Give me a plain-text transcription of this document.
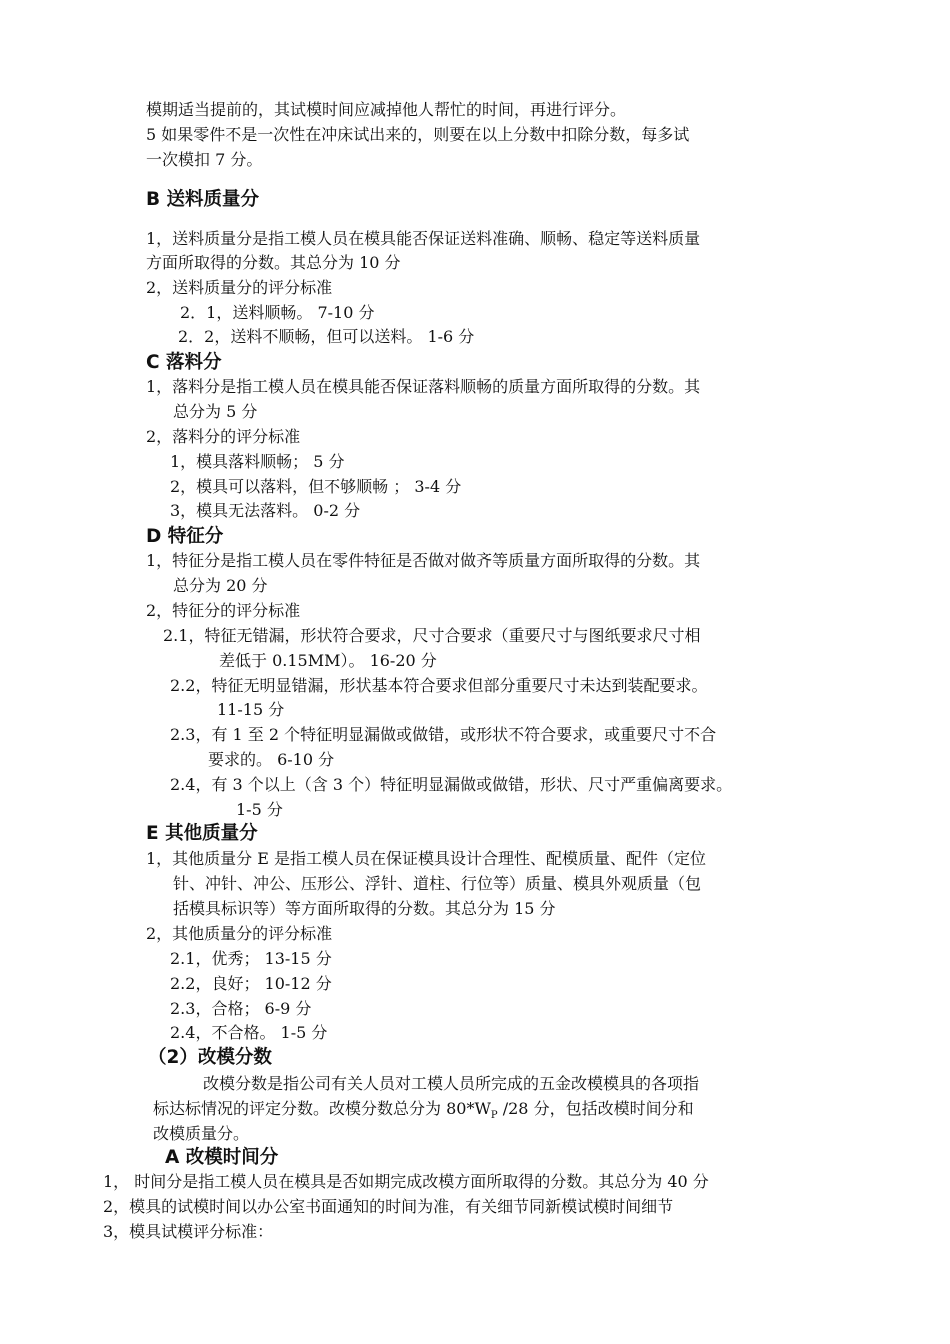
模期适当提前的，其试模时间应减掉他人帮忙的时间，再进行评分。
5 如果零件不是一次性在冲床试出来的，则要在以上分数中扣除分数，每多试
一次模扣 7 分。
B 送料质量分
1，送料质量分是指工模人员在模具能否保证送料准确、顺畅、稳定等送料质量
方面所取得的分数。其总分为 10 分
2，送料质量分的评分标准
2．1，送料顺畅。 7-10 分
2．2，送料不顺畅，但可以送料。 1-6 分
C 落料分
1，落料分是指工模人员在模具能否保证落料顺畅的质量方面所取得的分数。其
总分为 5 分
2，落料分的评分标准
1，模具落料顺畅； 5 分
2，模具可以落料，但不够顺畅 ； 3-4 分
3，模具无法落料。 0-2 分
D 特征分
1，特征分是指工模人员在零件特征是否做对做齐等质量方面所取得的分数。其
总分为 20 分
2，特征分的评分标准
2.1，特征无错漏，形状符合要求，尺寸合要求（重要尺寸与图纸要求尺寸相
差低于 0.15MM）。 16-20 分
2.2，特征无明显错漏，形状基本符合要求但部分重要尺寸未达到装配要求。
11-15 分
2.3，有 1 至 2 个特征明显漏做或做错，或形状不符合要求，或重要尺寸不合
要求的。 6-10 分
2.4，有 3 个以上（含 3 个）特征明显漏做或做错，形状、尺寸严重偏离要求。
1-5 分
E 其他质量分
1，其他质量分 E 是指工模人员在保证模具设计合理性、配模质量、配件（定位
针、冲针、冲公、压形公、浮针、道柱、行位等）质量、模具外观质量（包
括模具标识等）等方面所取得的分数。其总分为 15 分
2，其他质量分的评分标准
2.1，优秀； 13-15 分
2.2，良好； 10-12 分
2.3，合格； 6-9 分
2.4，不合格。 1-5 分
（2）改模分数
改模分数是指公司有关人员对工模人员所完成的五金改模模具的各项指
标达标情况的评定分数。改模分数总分为 $80*W_P$ /28 分，包括改模时间分和
改模质量分。
A 改模时间分
1， 时间分是指工模人员在模具是否如期完成改模方面所取得的分数。其总分为 40 分
2，模具的试模时间以办公室书面通知的时间为准，有关细节同新模试模时间细节
3，模具试模评分标准：
